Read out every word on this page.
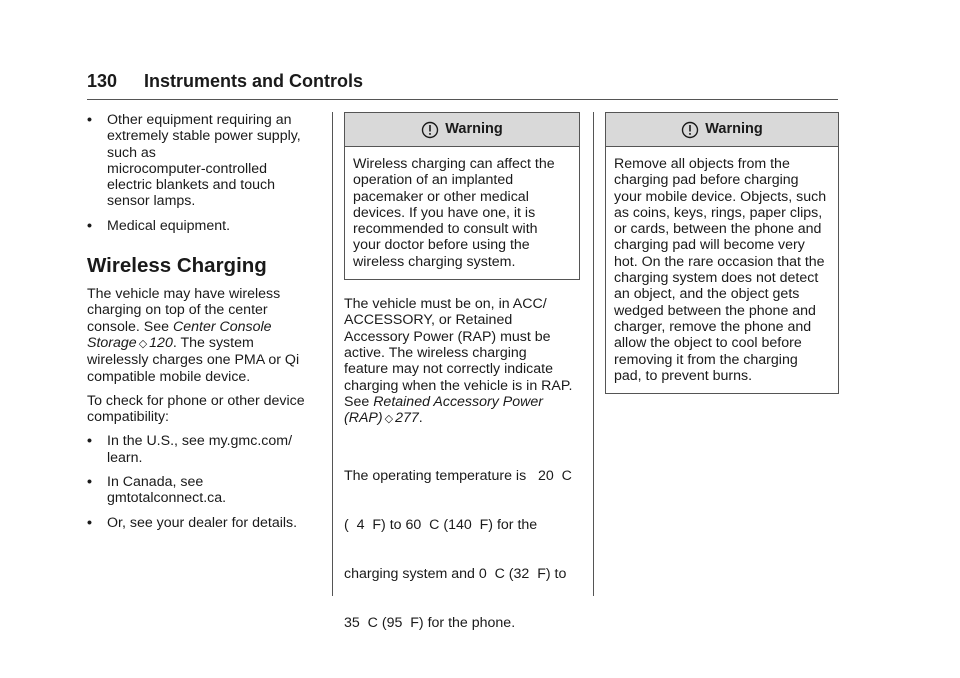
130 Instruments and Controls
•	Other equipment requiring an
extremely stable power supply,
such as
microcomputer-controlled
electric blankets and touch
sensor lamps.
•	Medical equipment.
Wireless Charging

The vehicle may have wireless
charging on top of the center
console. See Center Console
Storage ◇ 120. The system
wirelessly charges one PMA or Qi
compatible mobile device.

To check for phone or other device
compatibility:

•	In the U.S., see my.gmc.com/
learn.
•	In Canada, see
gmtotalconnect.ca.
•	Or, see your dealer for details.
Warning
Wireless charging can affect the
operation of an implanted
pacemaker or other medical
devices. If you have one, it is
recommended to consult with
your doctor before using the
wireless charging system.

The vehicle must be on, in ACC/
ACCESSORY, or Retained
Accessory Power (RAP) must be
active. The wireless charging
feature may not correctly indicate
charging when the vehicle is in RAP.
See Retained Accessory Power
(RAP) ◇ 277.

The operating temperature is   20  C

(  4  F) to 60  C (140  F) for the

charging system and 0  C (32  F) to

35  C (95  F) for the phone.

Warning
Remove all objects from the
charging pad before charging
your mobile device. Objects, such
as coins, keys, rings, paper clips,
or cards, between the phone and
charging pad will become very
hot. On the rare occasion that the
charging system does not detect
an object, and the object gets
wedged between the phone and
charger, remove the phone and
allow the object to cool before
removing it from the charging
pad, to prevent burns.
